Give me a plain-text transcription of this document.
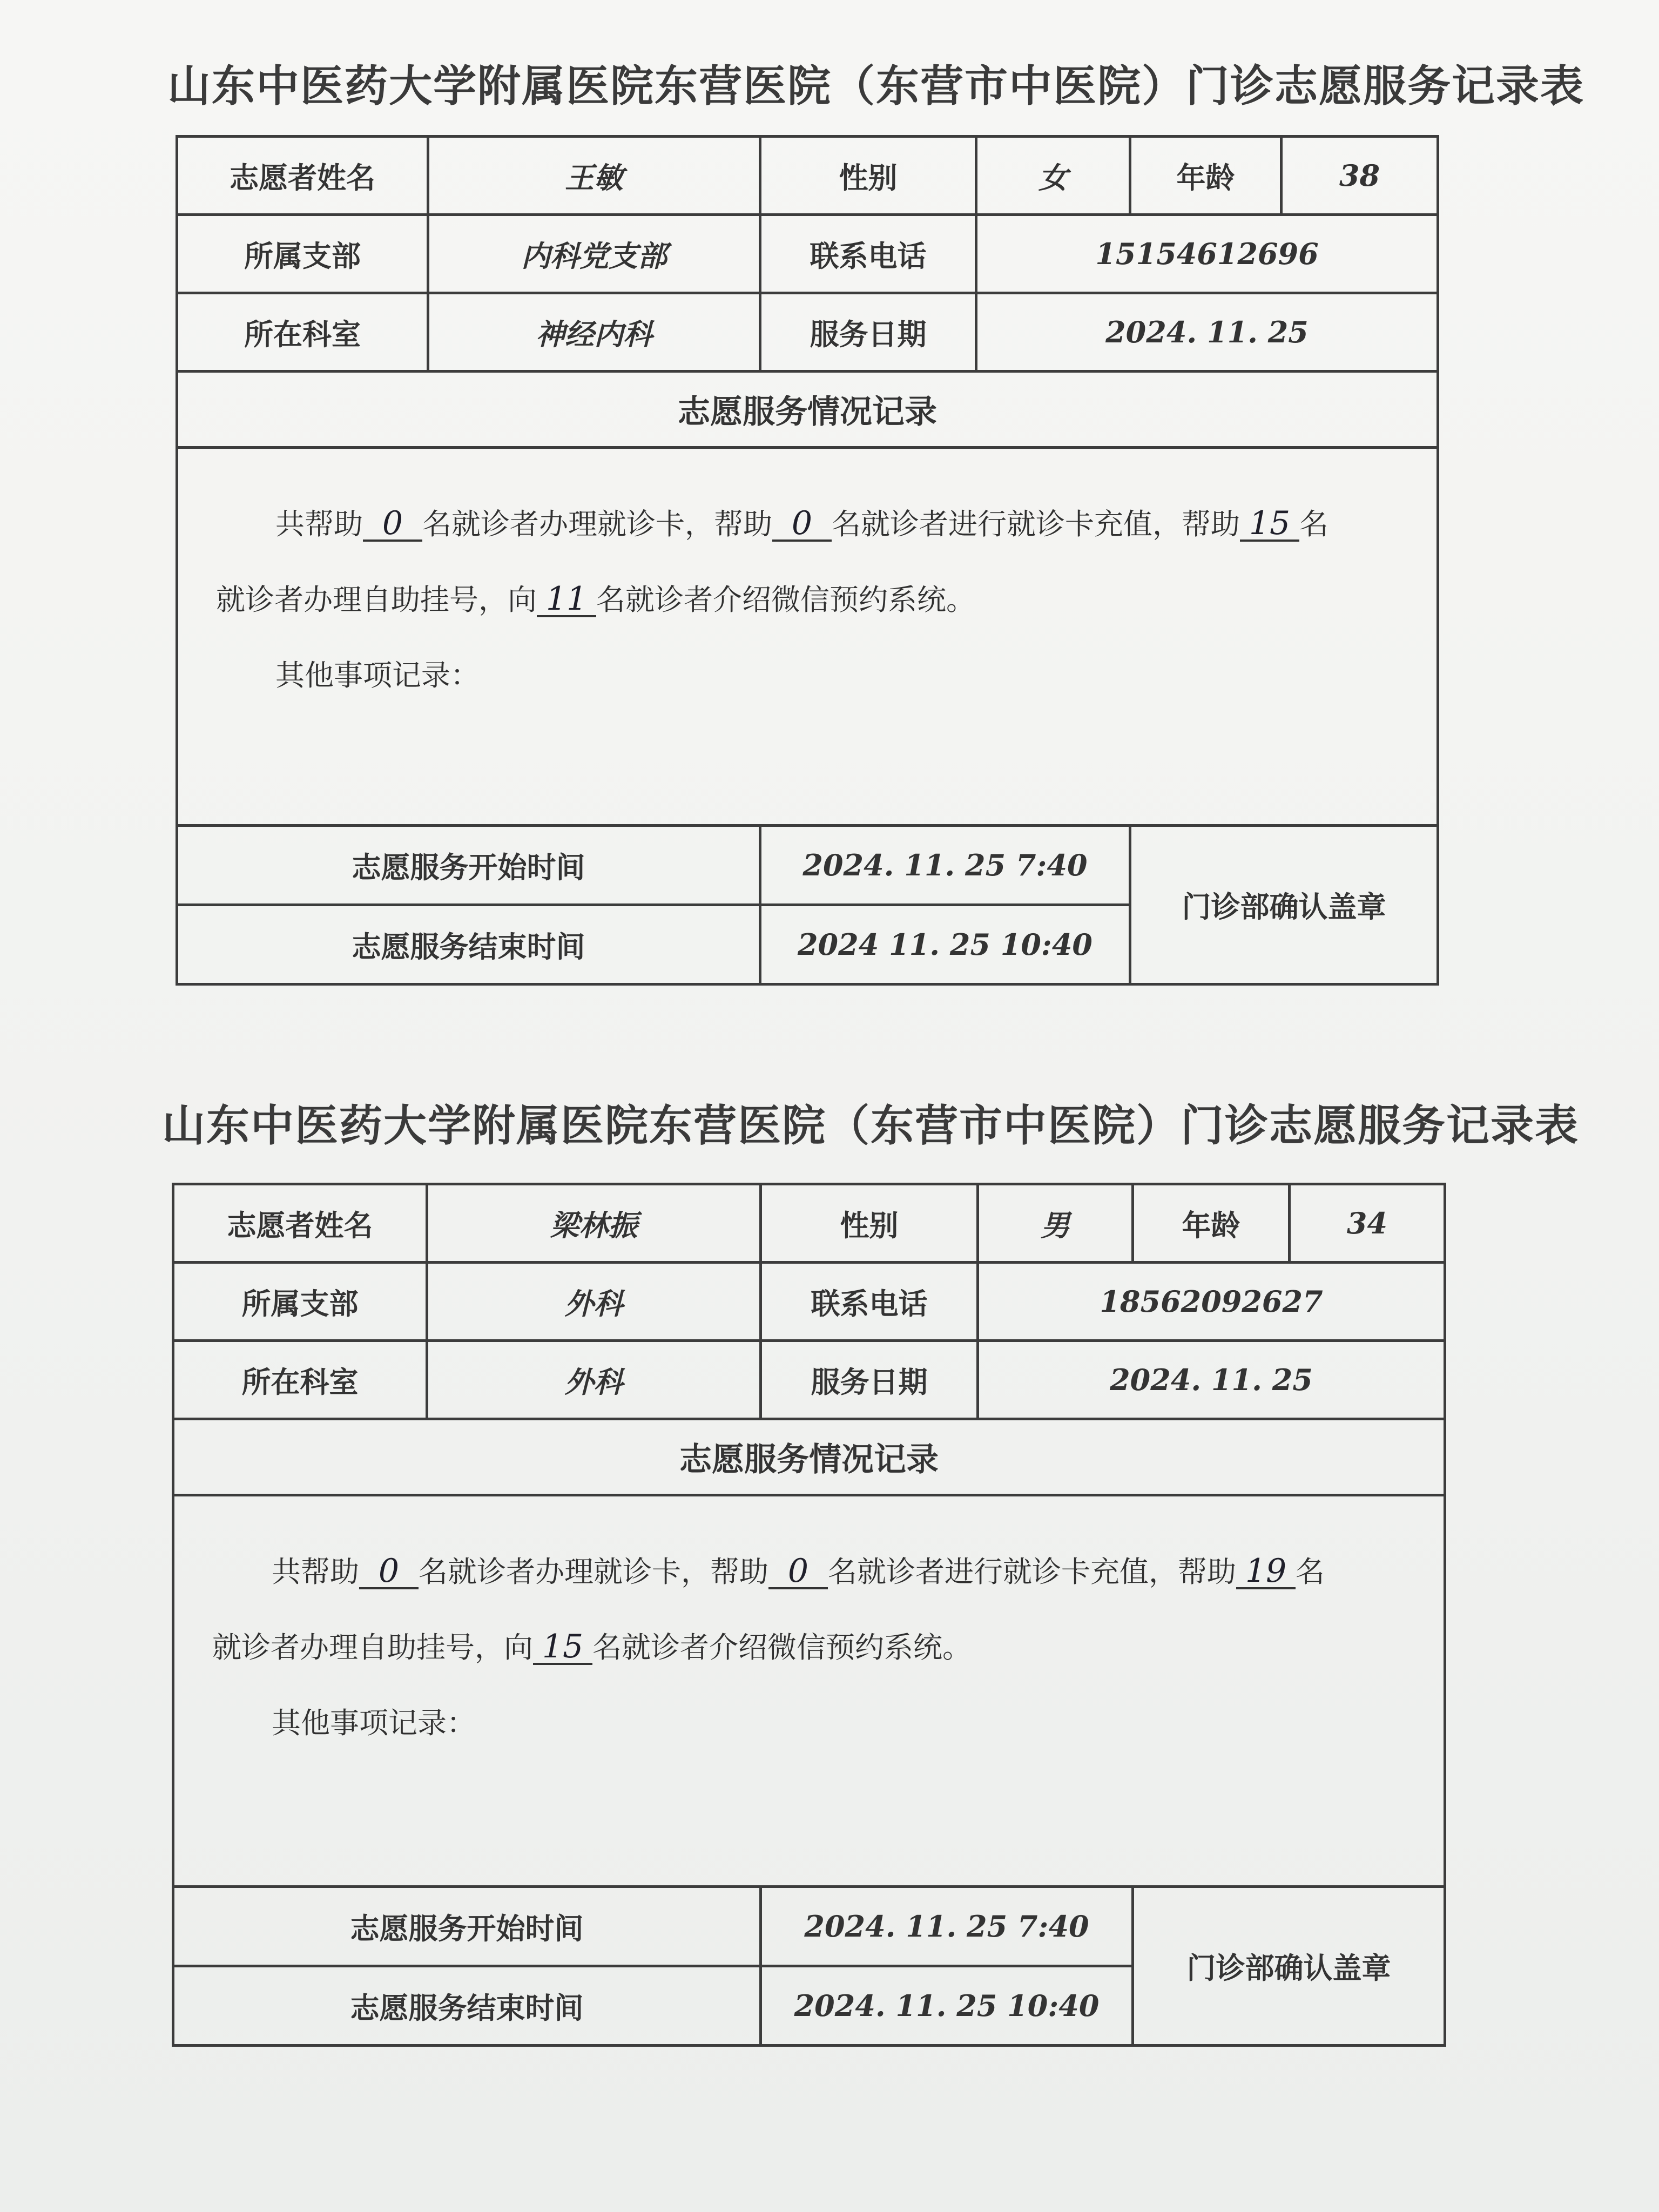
山东中医药大学附属医院东营医院（东营市中医院）门诊志愿服务记录表
志愿者姓名	王敏	性别	女	年龄	38
所属支部	内科党支部	联系电话	15154612696		
所在科室	神经内科	服务日期	2024. 11. 25		
志愿服务情况记录					

共帮助 0 名就诊者办理就诊卡，帮助 0 名就诊者进行就诊卡充值，帮助 15 名
就诊者办理自助挂号，向 11 名就诊者介绍微信预约系统。
其他事项记录：					

志愿服务开始时间		2024. 11. 25 7:40		门诊部确认盖章	
志愿服务结束时间		2024 11. 25 10:40			
山东中医药大学附属医院东营医院（东营市中医院）门诊志愿服务记录表
志愿者姓名	梁林振	性别	男	年龄	34
所属支部	外科	联系电话	18562092627		
所在科室	外科	服务日期	2024. 11. 25		
志愿服务情况记录					

共帮助 0 名就诊者办理就诊卡，帮助 0 名就诊者进行就诊卡充值，帮助 19 名
就诊者办理自助挂号，向 15 名就诊者介绍微信预约系统。
其他事项记录：					

志愿服务开始时间		2024. 11. 25 7:40		门诊部确认盖章	
志愿服务结束时间		2024. 11. 25 10:40			
